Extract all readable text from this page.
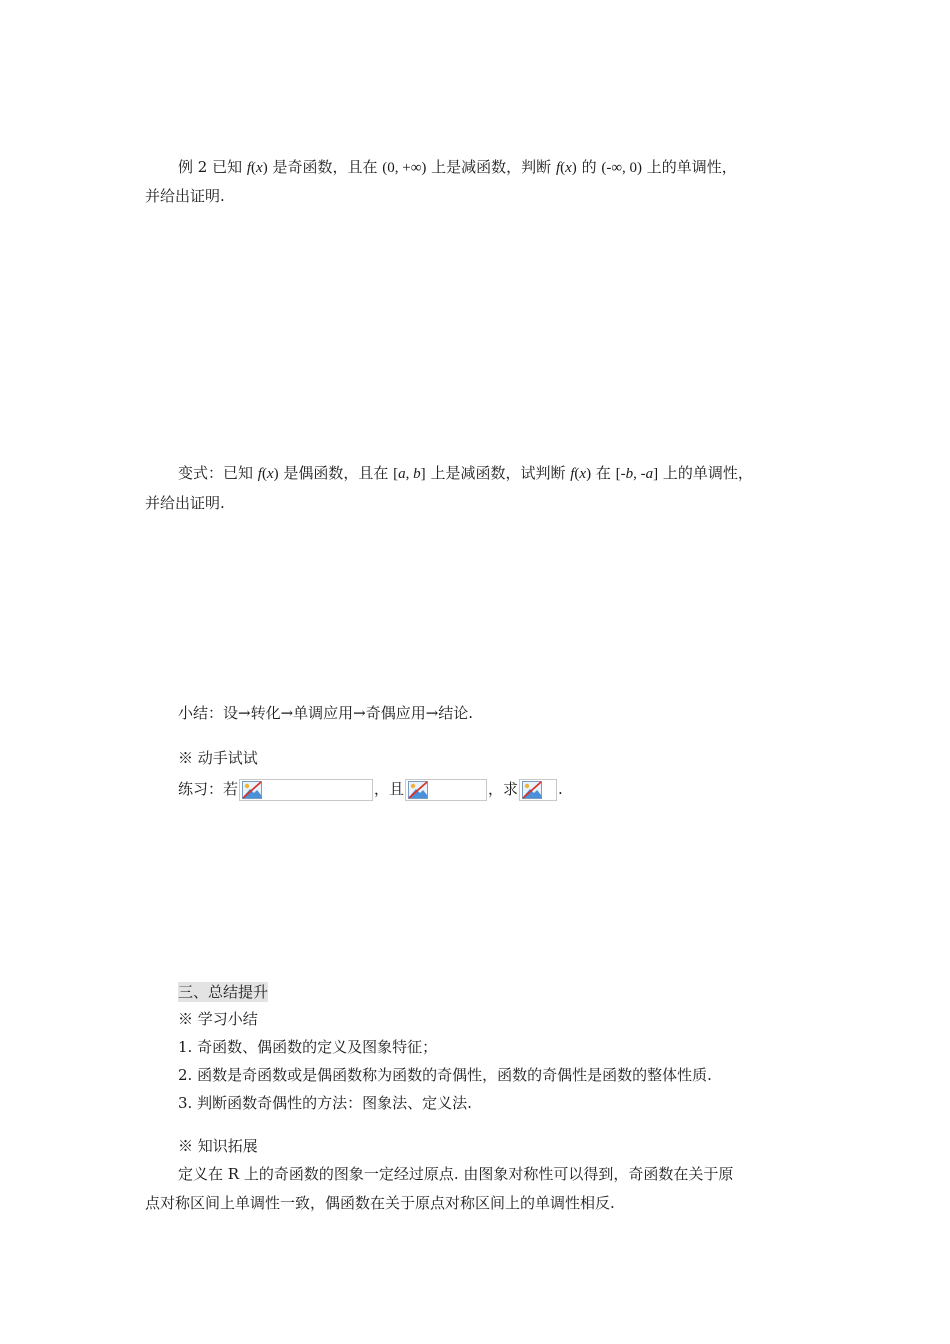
例 2 已知 f(x) 是奇函数，且在 (0, +∞) 上是减函数，判断 f(x) 的 (-∞, 0) 上的单调性，
并给出证明.
变式：已知 f(x) 是偶函数，且在 [a, b] 上是减函数，试判断 f(x) 在 [-b, -a] 上的单调性，
并给出证明.
小结：设→转化→单调应用→奇偶应用→结论.
※ 动手试试
练习：若	，且	，求	.
三、总结提升
※ 学习小结
1. 奇函数、偶函数的定义及图象特征；
2. 函数是奇函数或是偶函数称为函数的奇偶性，函数的奇偶性是函数的整体性质.
3. 判断函数奇偶性的方法：图象法、定义法.
※ 知识拓展
定义在 R 上的奇函数的图象一定经过原点. 由图象对称性可以得到，奇函数在关于原
点对称区间上单调性一致，偶函数在关于原点对称区间上的单调性相反.
